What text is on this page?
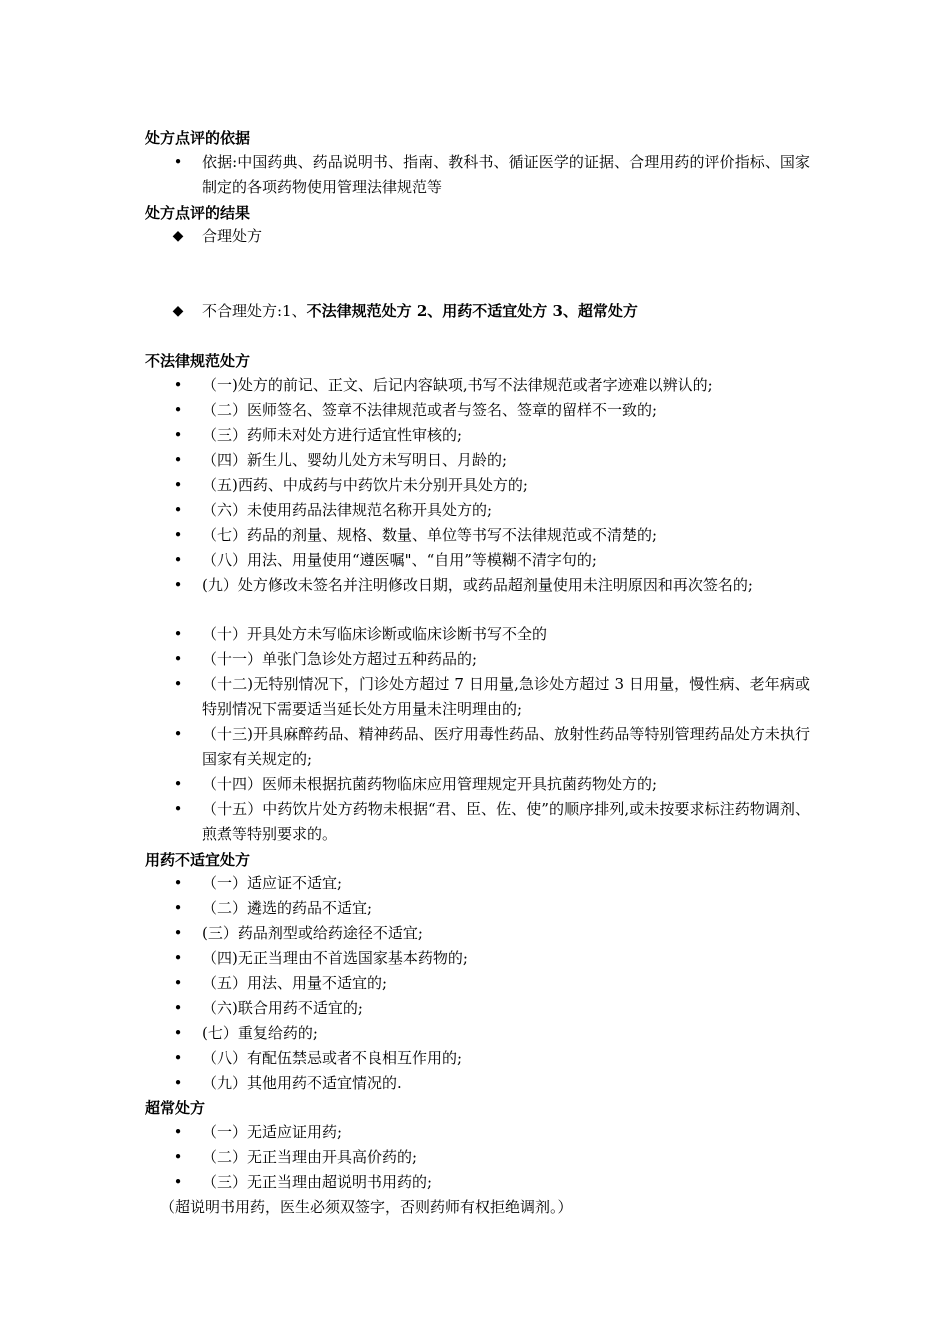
处方点评的依据
• 依据:中国药典、药品说明书、指南、教科书、循证医学的证据、合理用药的评价指标、国家制定的各项药物使用管理法律规范等
处方点评的结果
◆ 合理处方
◆ 不合理处方:1、不法律规范处方 2、用药不适宜处方 3、超常处方
不法律规范处方
• （一)处方的前记、正文、后记内容缺项,书写不法律规范或者字迹难以辨认的;
• （二）医师签名、签章不法律规范或者与签名、签章的留样不一致的;
• （三）药师未对处方进行适宜性审核的;
• （四）新生儿、婴幼儿处方未写明日、月龄的;
• （五)西药、中成药与中药饮片未分别开具处方的;
• （六）未使用药品法律规范名称开具处方的;
• （七）药品的剂量、规格、数量、单位等书写不法律规范或不清楚的;
• （八）用法、用量使用“遵医嘱"、“自用”等模糊不清字句的;
• (九）处方修改未签名并注明修改日期，或药品超剂量使用未注明原因和再次签名的;
• （十）开具处方未写临床诊断或临床诊断书写不全的
• （十一）单张门急诊处方超过五种药品的;
• （十二)无特别情况下，门诊处方超过 7 日用量,急诊处方超过 3 日用量，慢性病、老年病或特别情况下需要适当延长处方用量未注明理由的;
• （十三)开具麻醉药品、精神药品、医疗用毒性药品、放射性药品等特别管理药品处方未执行国家有关规定的;
• （十四）医师未根据抗菌药物临床应用管理规定开具抗菌药物处方的;
• （十五）中药饮片处方药物未根据“君、臣、佐、使”的顺序排列,或未按要求标注药物调剂、煎煮等特别要求的。
用药不适宜处方
• （一）适应证不适宜;
• （二）遴选的药品不适宜;
• (三）药品剂型或给药途径不适宜;
• （四)无正当理由不首选国家基本药物的;
• （五）用法、用量不适宜的;
• （六)联合用药不适宜的;
• (七）重复给药的;
• （八）有配伍禁忌或者不良相互作用的;
• （九）其他用药不适宜情况的.
超常处方
• （一）无适应证用药;
• （二）无正当理由开具高价药的;
• （三）无正当理由超说明书用药的;
（超说明书用药，医生必须双签字，否则药师有权拒绝调剂。）
